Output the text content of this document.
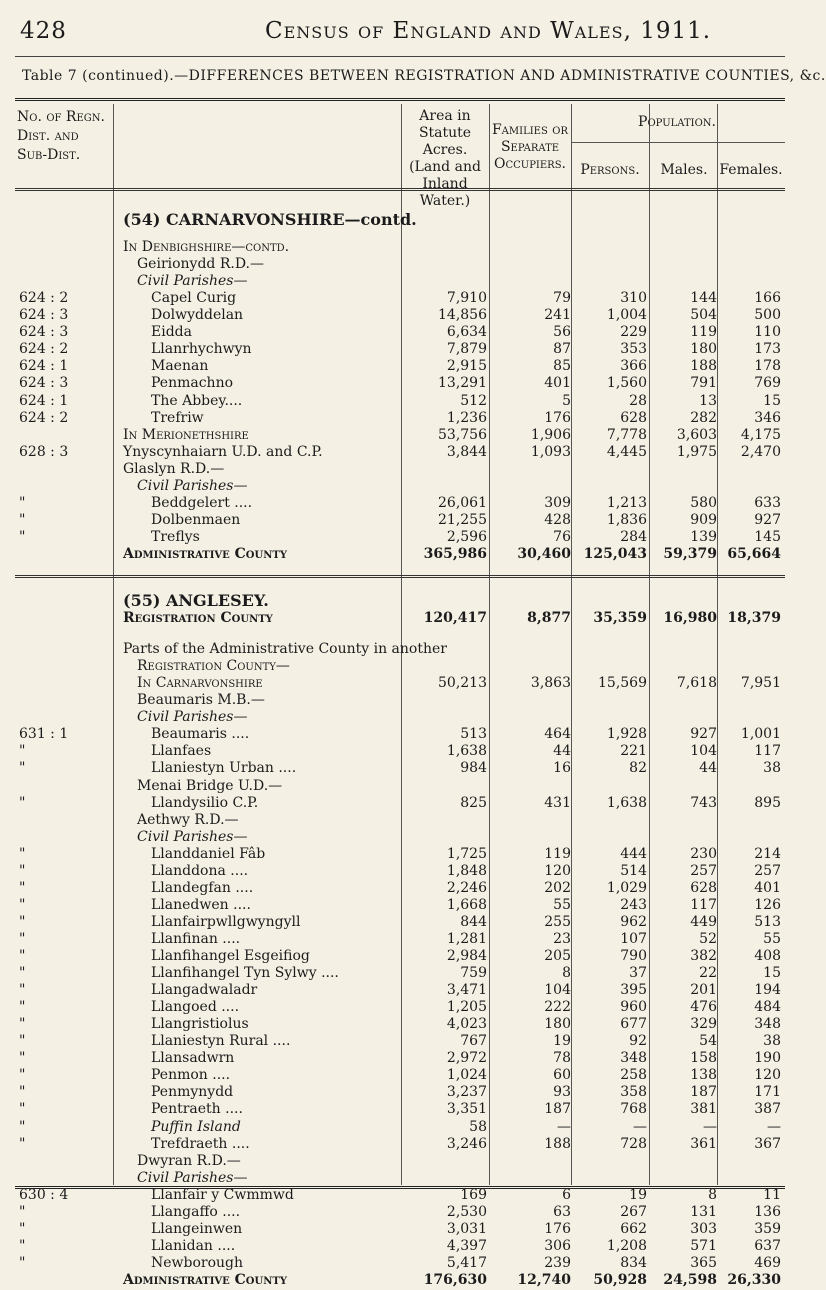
428	Census of England and Wales, 1911.
Table 7 (continued).—DIFFERENCES BETWEEN REGISTRATION AND ADMINISTRATIVE COUNTIES, &c.
No. of Regn. Dist. and Sub-Dist.
Area in Statute Acres. (Land and Inland Water.)
Families or Separate Occupiers.
Population.
Persons.	Males. Females.
(54) CARNARVONSHIRE—contd.
In Denbighshire—contd.
Geirionydd R.D.—
Civil Parishes—
624 : 2	Capel Curig	7,910	79	310	144	166
624 : 3	Dolwyddelan	14,856	241	1,004	504	500
624 : 3	Eidda	6,634	56	229	119	110
624 : 2	Llanrhychwyn	7,879	87	353	180	173
624 : 1	Maenan	2,915	85	366	188	178
624 : 3	Penmachno	13,291	401	1,560	791	769
624 : 1	The Abbey....	512	5	28	13	15
624 : 2	Trefriw	1,236	176	628	282	346
In Merionethshire	53,756	1,906	7,778	3,603	4,175
628 : 3	Ynyscynhaiarn U.D. and C.P.	3,844	1,093	4,445	1,975	2,470
Glaslyn R.D.—
Civil Parishes—
"	Beddgelert ....	26,061	309	1,213	580	633
"	Dolbenmaen	21,255	428	1,836	909	927
"	Treflys	2,596	76	284	139	145
Administrative County	365,986	30,460 125,043	59,379 65,664
(55) ANGLESEY.
Registration County	120,417	8,877	35,359	16,980 18,379
Parts of the Administrative County in another
Registration County—
In Carnarvonshire	50,213	3,863	15,569	7,618	7,951
Beaumaris M.B.—
Civil Parishes—
631 : 1	Beaumaris ....	513	464	1,928	927	1,001
"	Llanfaes	1,638	44	221	104	117
"	Llaniestyn Urban ....	984	16	82	44	38
Menai Bridge U.D.—
"	Llandysilio C.P.	825	431	1,638	743	895
Aethwy R.D.—
Civil Parishes—
"	Llanddaniel Fâb	1,725	119	444	230	214
"	Llanddona ....	1,848	120	514	257	257
"	Llandegfan ....	2,246	202	1,029	628	401
"	Llanedwen ....	1,668	55	243	117	126
"	Llanfairpwllgwyngyll	844	255	962	449	513
"	Llanfinan ....	1,281	23	107	52	55
"	Llanfihangel Esgeifiog	2,984	205	790	382	408
"	Llanfihangel Tyn Sylwy ....	759	8	37	22	15
"	Llangadwaladr	3,471	104	395	201	194
"	Llangoed ....	1,205	222	960	476	484
"	Llangristiolus	4,023	180	677	329	348
"	Llaniestyn Rural ....	767	19	92	54	38
"	Llansadwrn	2,972	78	348	158	190
"	Penmon ....	1,024	60	258	138	120
"	Penmynydd	3,237	93	358	187	171
"	Pentraeth ....	3,351	187	768	381	387
"	Puffin Island	58	—	—	—	—
"	Trefdraeth ....	3,246	188	728	361	367
Dwyran R.D.—
Civil Parishes—
630 : 4	Llanfair y Cwmmwd	169	6	19	8	11
"	Llangaffo ....	2,530	63	267	131	136
"	Llangeinwen	3,031	176	662	303	359
"	Llanidan ....	4,397	306	1,208	571	637
"	Newborough	5,417	239	834	365	469
Administrative County	176,630	12,740	50,928	24,598 26,330
